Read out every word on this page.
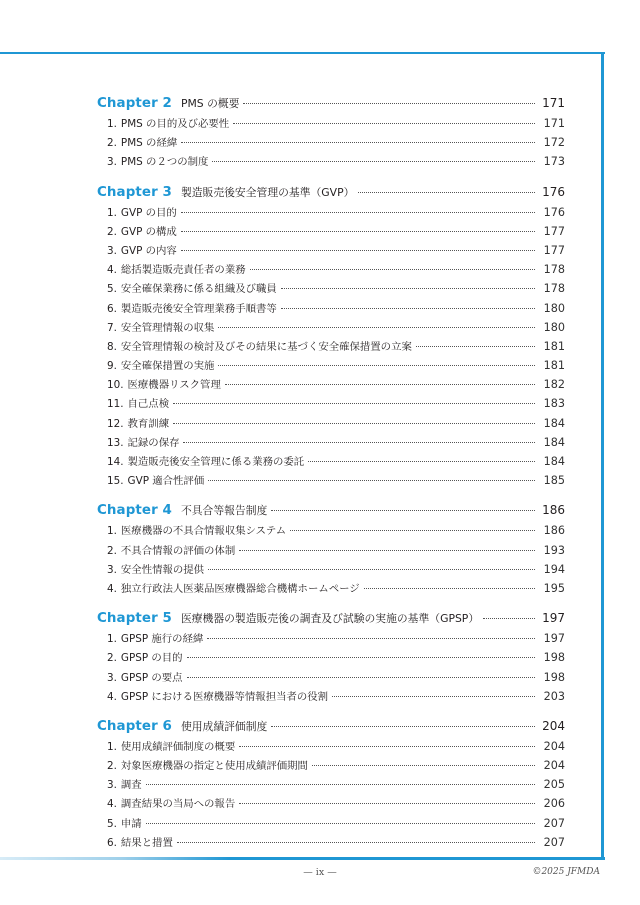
Chapter 2 PMS の概要	171
1. PMS の目的及び必要性	171
2. PMS の経緯	172
3. PMS の２つの制度	173
Chapter 3 製造販売後安全管理の基準（GVP）	176
1. GVP の目的	176
2. GVP の構成	177
3. GVP の内容	177
4. 総括製造販売責任者の業務	178
5. 安全確保業務に係る組織及び職員	178
6. 製造販売後安全管理業務手順書等	180
7. 安全管理情報の収集	180
8. 安全管理情報の検討及びその結果に基づく安全確保措置の立案	181
9. 安全確保措置の実施	181
10. 医療機器リスク管理	182
11. 自己点検	183
12. 教育訓練	184
13. 記録の保存	184
14. 製造販売後安全管理に係る業務の委託	184
15. GVP 適合性評価	185
Chapter 4 不具合等報告制度	186
1. 医療機器の不具合情報収集システム	186
2. 不具合情報の評価の体制	193
3. 安全性情報の提供	194
4. 独立行政法人医薬品医療機器総合機構ホームページ	195
Chapter 5 医療機器の製造販売後の調査及び試験の実施の基準（GPSP）	197
1. GPSP 施行の経緯	197
2. GPSP の目的	198
3. GPSP の要点	198
4. GPSP における医療機器等情報担当者の役割	203
Chapter 6 使用成績評価制度	204
1. 使用成績評価制度の概要	204
2. 対象医療機器の指定と使用成績評価期間	204
3. 調査	205
4. 調査結果の当局への報告	206
5. 申請	207
6. 結果と措置	207
— ix —	©2025 JFMDA
